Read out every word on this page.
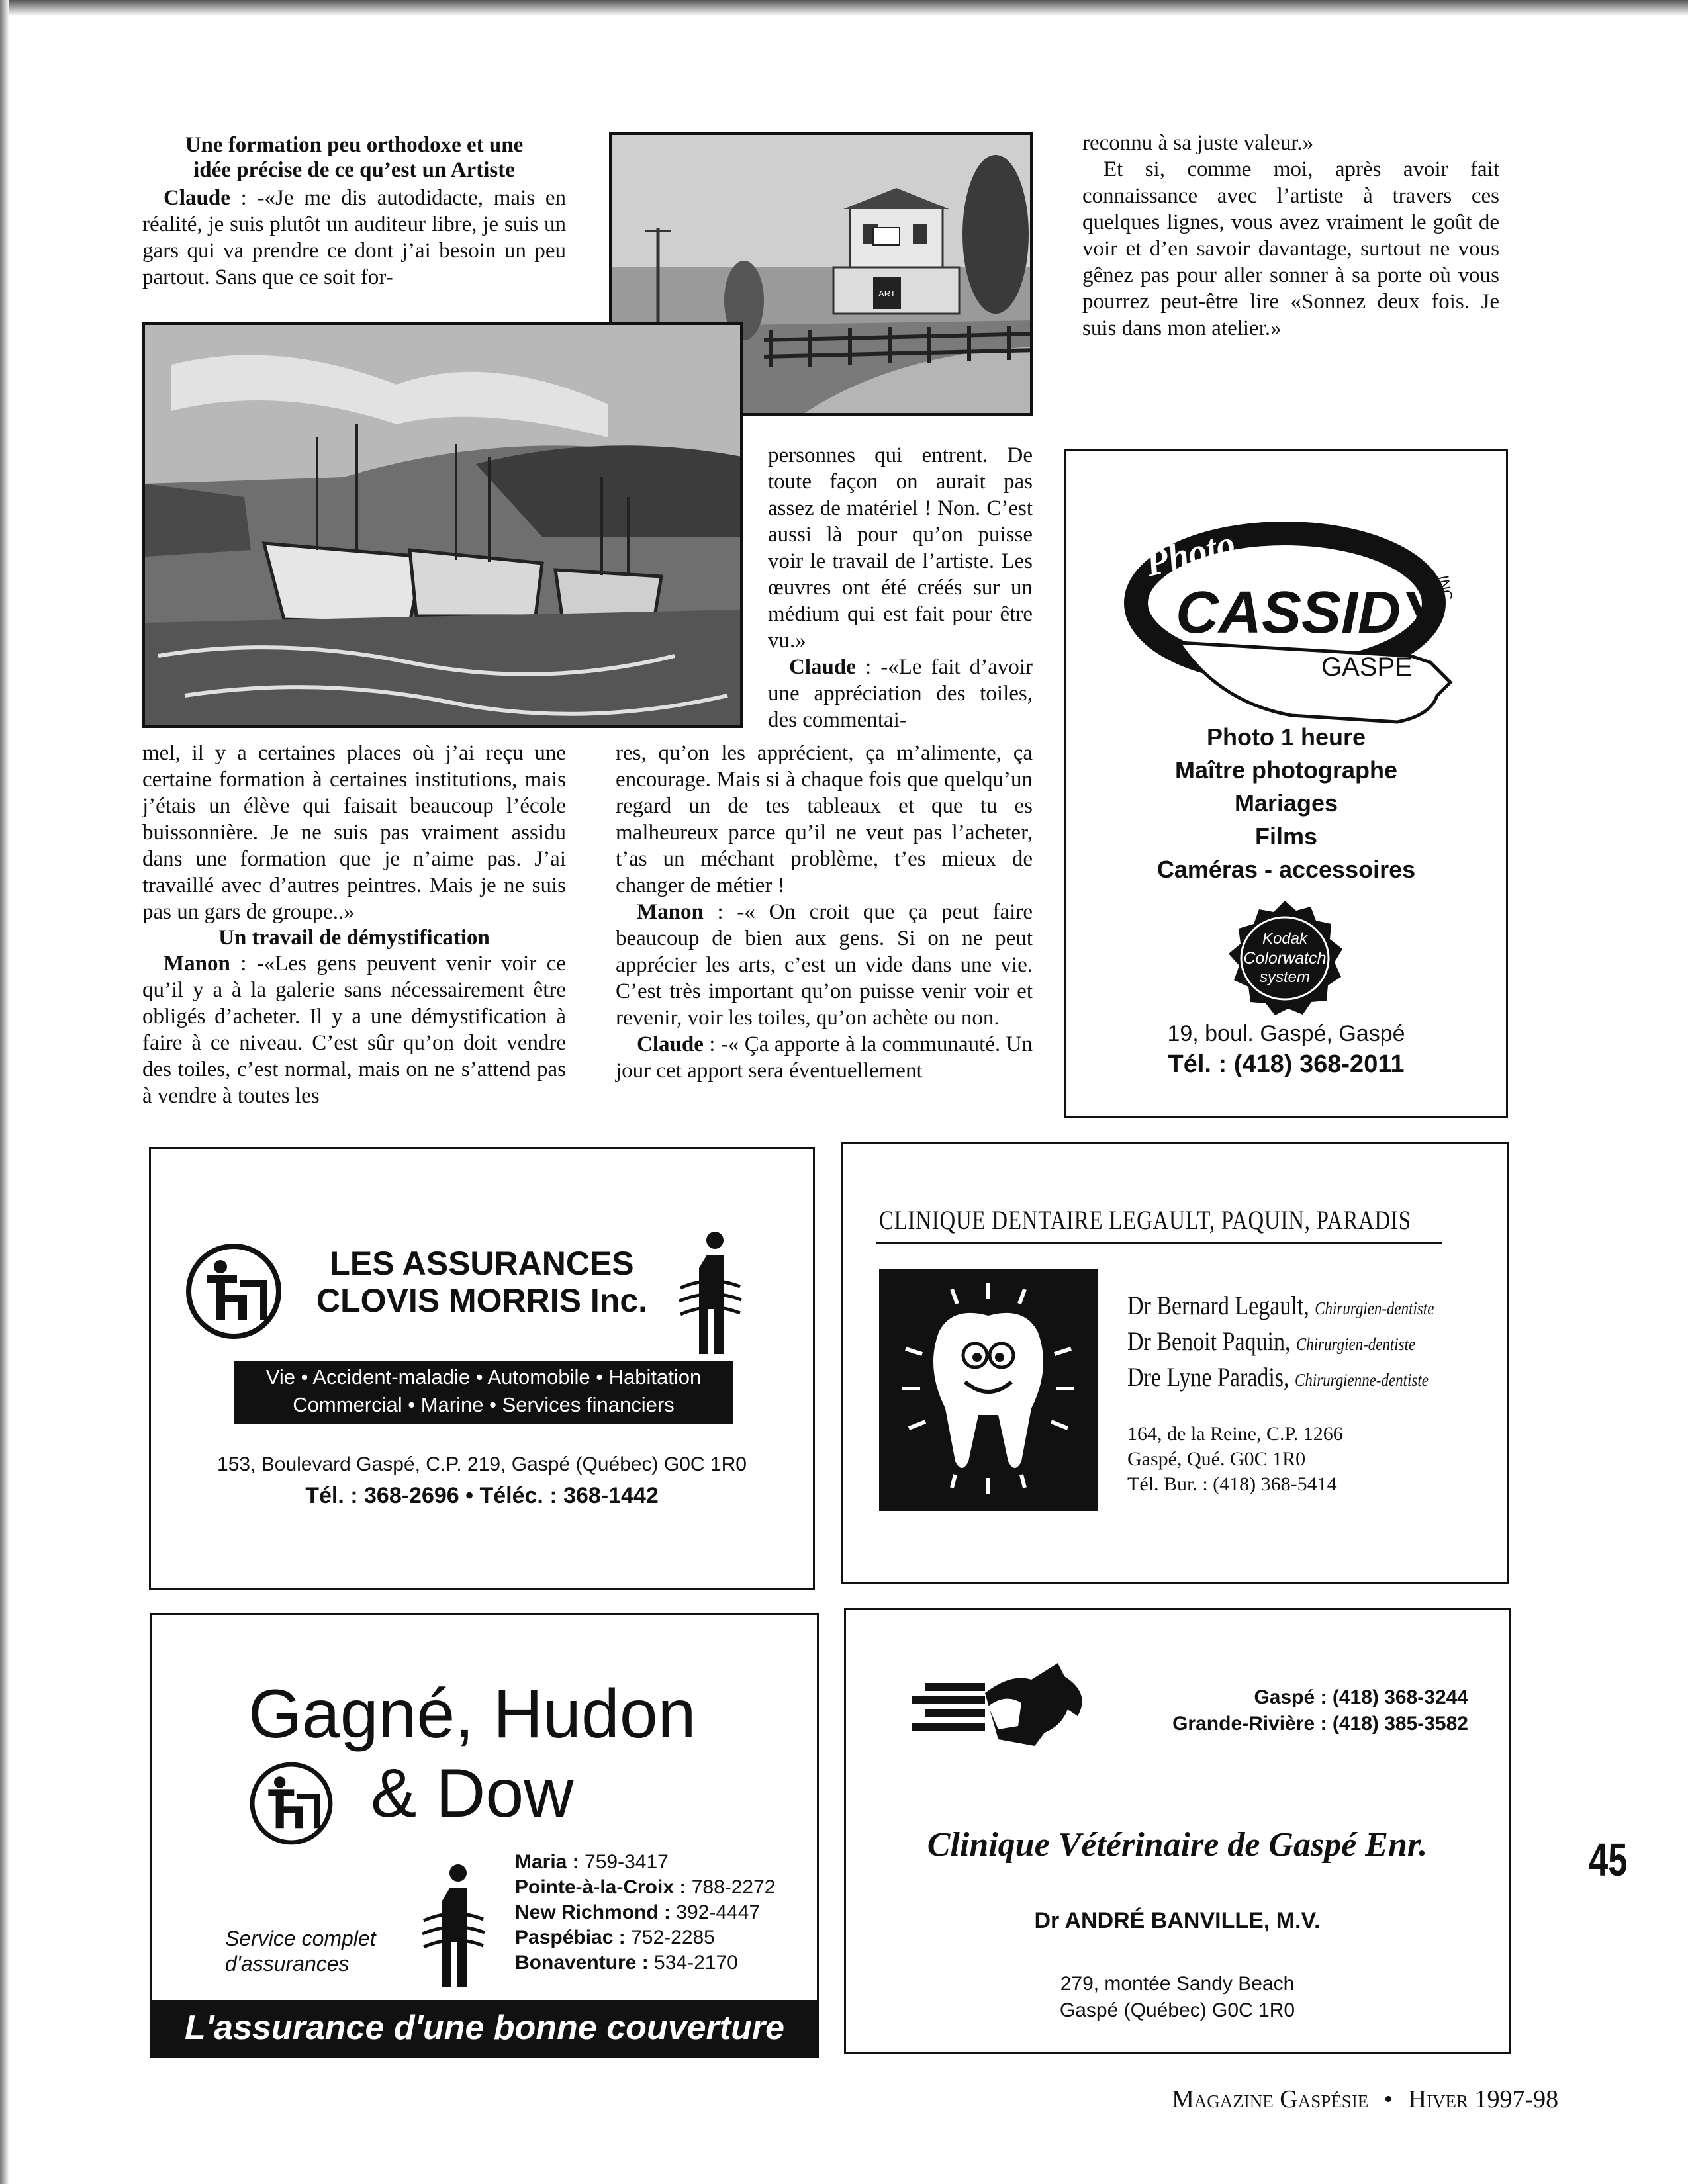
Une formation peu orthodoxe et une
idée précise de ce qu’est un Artiste

Claude : -«Je me dis autodidacte, mais en réalité, je suis plutôt un auditeur libre, je suis un gars qui va prendre ce dont j’ai besoin un peu partout. Sans que ce soit for-

ART

mel, il y a certaines places où j’ai reçu une certaine formation à certaines institutions, mais j’étais un élève qui faisait beaucoup l’école buissonnière. Je ne suis pas vraiment assidu dans une formation que je n’aime pas. J’ai travaillé avec d’autres peintres. Mais je ne suis pas un gars de groupe..»

Un travail de démystification

Manon : -«Les gens peuvent venir voir ce qu’il y a à la galerie sans nécessairement être obligés d’acheter. Il y a une démystification à faire à ce niveau. C’est sûr qu’on doit vendre des toiles, c’est normal, mais on ne s’attend pas à vendre à toutes les

personnes qui entrent. De toute façon on aurait pas assez de matériel ! Non. C’est aussi là pour qu’on puisse voir le travail de l’artiste. Les œuvres ont été créés sur un médium qui est fait pour être vu.»

Claude : -«Le fait d’avoir une appréciation des toiles, des commentai-

res, qu’on les apprécient, ça m’alimente, ça encourage. Mais si à chaque fois que quelqu’un regard un de tes tableaux et que tu es malheureux parce qu’il ne veut pas l’acheter, t’as un méchant problème, t’es mieux de changer de métier !

Manon : -« On croit que ça peut faire beaucoup de bien aux gens. Si on ne peut apprécier les arts, c’est un vide dans une vie. C’est très important qu’on puisse venir voir et revenir, voir les toiles, qu’on achète ou non.

Claude : -« Ça apporte à la communauté. Un jour cet apport sera éventuellement

reconnu à sa juste valeur.»

Et si, comme moi, après avoir fait connaissance avec l’artiste à travers ces quelques lignes, vous avez vraiment le goût de voir et d’en savoir davantage, surtout ne vous gênez pas pour aller sonner à sa porte où vous pourrez peut-être lire «Sonnez deux fois. Je suis dans mon atelier.»

Photo
CASSIDY
INC.
GASPÉ
Photo 1 heure
Maître photographe
Mariages
Films
Caméras - accessoires
Kodak
Colorwatch
system
19, boul. Gaspé, Gaspé
Tél. : (418) 368-2011
LES ASSURANCES
CLOVIS MORRIS Inc.
Vie • Accident-maladie • Automobile • Habitation
Commercial • Marine • Services financiers
153, Boulevard Gaspé, C.P. 219, Gaspé (Québec) G0C 1R0
Tél. : 368-2696 • Téléc. : 368-1442
CLINIQUE DENTAIRE LEGAULT, PAQUIN, PARADIS
Dr Bernard Legault, Chirurgien-dentiste
Dr Benoit Paquin, Chirurgien-dentiste
Dre Lyne Paradis, Chirurgienne-dentiste
164, de la Reine, C.P. 1266
Gaspé, Qué. G0C 1R0
Tél. Bur. : (418) 368-5414
Gagné, Hudon
& Dow
Service complet
d'assurances
Maria : 759-3417
Pointe-à-la-Croix : 788-2272
New Richmond : 392-4447
Paspébiac : 752-2285
Bonaventure : 534-2170
L'assurance d'une bonne couverture
Gaspé : (418) 368-3244
Grande-Rivière : (418) 385-3582
Clinique Vétérinaire de Gaspé Enr.
Dr ANDRÉ BANVILLE, M.V.
279, montée Sandy Beach
Gaspé (Québec) G0C 1R0
45
Magazine Gaspésie • Hiver 1997-98
